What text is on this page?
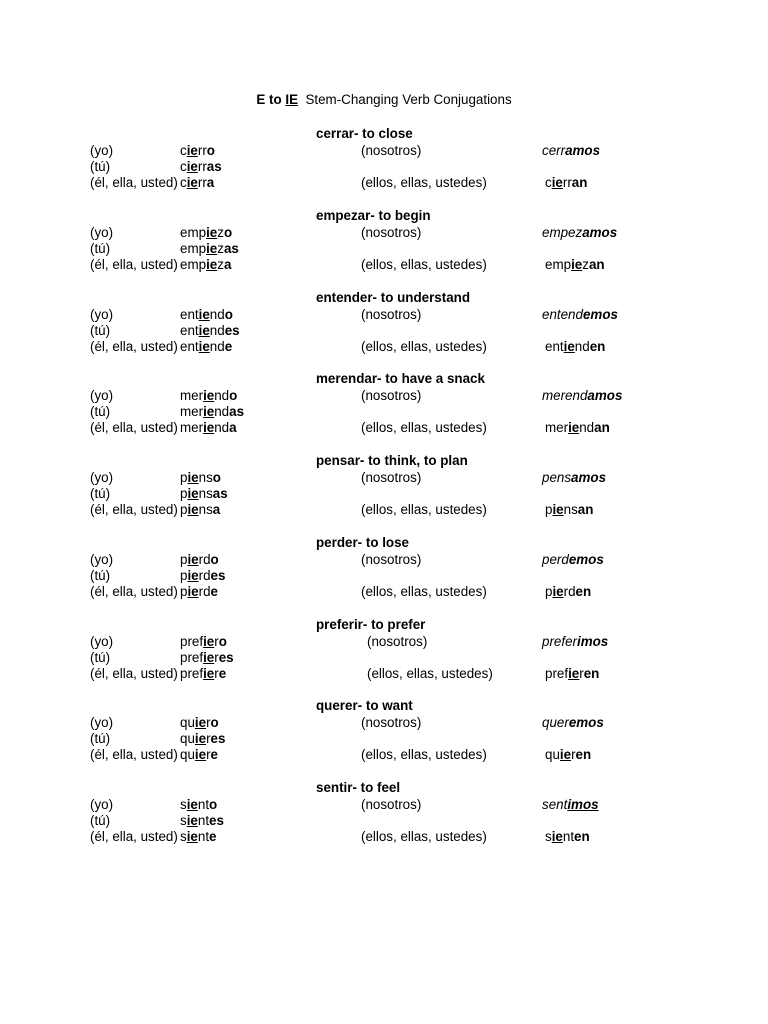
E to IE  Stem-Changing Verb Conjugations
cerrar- to close
(yo)	cierro	(nosotros)	cerramos
(tú)	cierras
(él, ella, usted) cierra	(ellos, ellas, ustedes)	cierran
empezar- to begin
(yo)	empiezo	(nosotros)	empezamos
(tú)	empiezas
(él, ella, usted) empieza	(ellos, ellas, ustedes)	empiezan
entender- to understand
(yo)	entiendo	(nosotros)	entendemos
(tú)	entiendes
(él, ella, usted) entiende	(ellos, ellas, ustedes)	entienden
merendar- to have a snack
(yo)	meriendo	(nosotros)	merendamos
(tú)	meriendas
(él, ella, usted) merienda	(ellos, ellas, ustedes)	meriendan
pensar- to think, to plan
(yo)	pienso	(nosotros)	pensamos
(tú)	piensas
(él, ella, usted) piensa	(ellos, ellas, ustedes)	piensan
perder- to lose
(yo)	pierdo	(nosotros)	perdemos
(tú)	pierdes
(él, ella, usted) pierde	(ellos, ellas, ustedes)	pierden
preferir- to prefer
(yo)	prefiero	(nosotros)	preferimos
(tú)	prefieres
(él, ella, usted) prefiere	(ellos, ellas, ustedes)	prefieren
querer- to want
(yo)	quiero	(nosotros)	queremos
(tú)	quieres
(él, ella, usted) quiere	(ellos, ellas, ustedes)	quieren
sentir- to feel
(yo)	siento	(nosotros)	sentimos
(tú)	sientes
(él, ella, usted) siente	(ellos, ellas, ustedes)	sienten
